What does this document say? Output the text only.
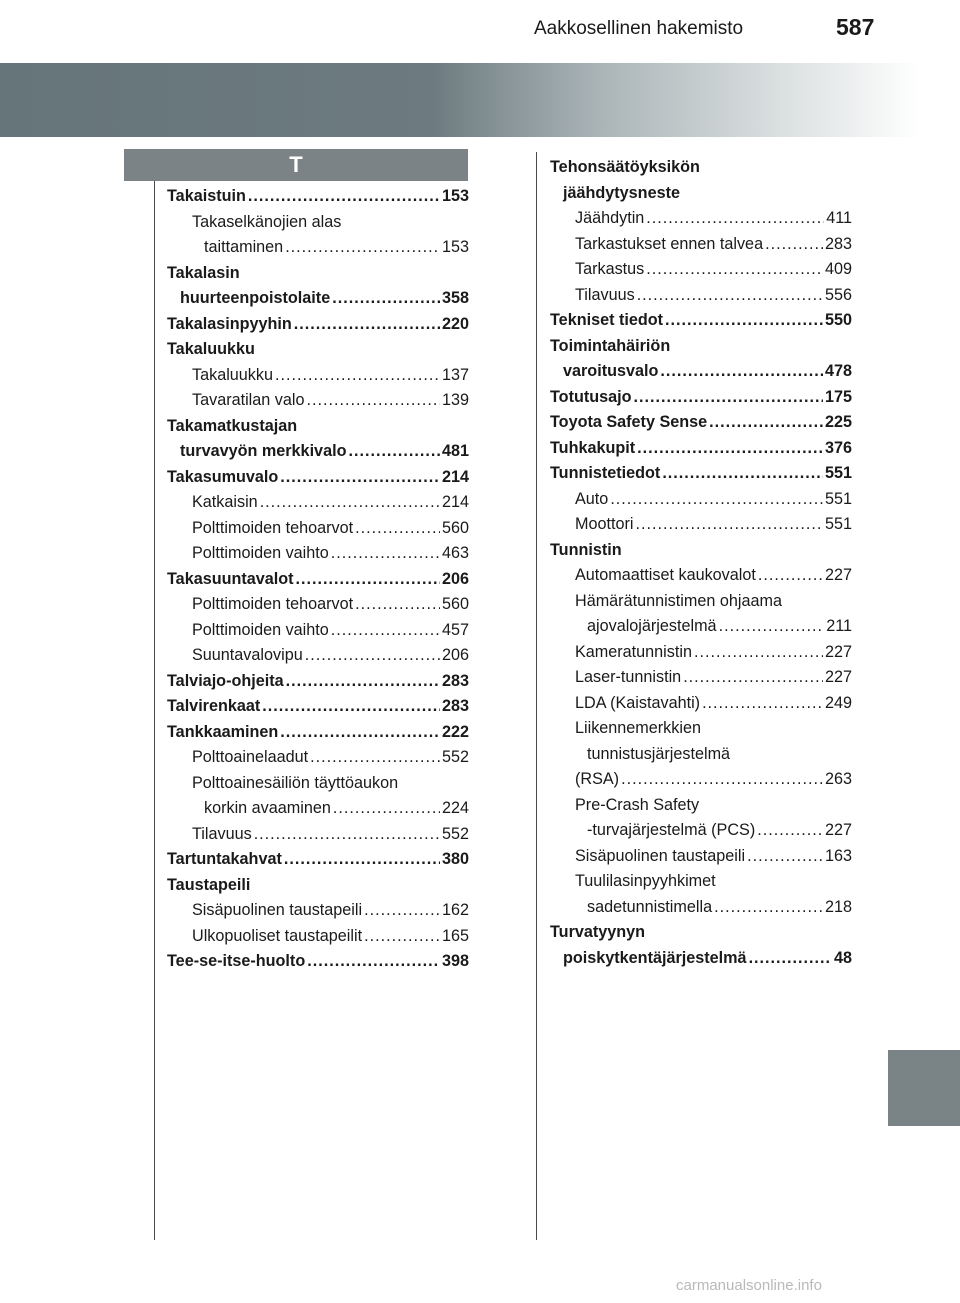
Aakkosellinen hakemisto	587
T
Takaistuin .....	153
Takaselkänojien alas
taittaminen .....	153
Takalasin
huurteenpoistolaite .....	358
Takalasinpyyhin .....	220
Takaluukku
Takaluukku .....	137
Tavaratilan valo .....	139
Takamatkustajan
turvavyön merkkivalo .....	481
Takasumuvalo .....	214
Katkaisin .....	214
Polttimoiden tehoarvot .....	560
Polttimoiden vaihto .....	463
Takasuuntavalot .....	206
Polttimoiden tehoarvot .....	560
Polttimoiden vaihto .....	457
Suuntavalovipu .....	206
Talviajo-ohjeita .....	283
Talvirenkaat .....	283
Tankkaaminen .....	222
Polttoainelaadut .....	552
Polttoainesäiliön täyttöaukon
korkin avaaminen .....	224
Tilavuus .....	552
Tartuntakahvat .....	380
Taustapeili
Sisäpuolinen taustapeili .....	162
Ulkopuoliset taustapeilit .....	165
Tee-se-itse-huolto .....	398
Tehonsäätöyksikön
jäähdytysneste
Jäähdytin .....	411
Tarkastukset ennen talvea .....	283
Tarkastus .....	409
Tilavuus .....	556
Tekniset tiedot .....	550
Toimintahäiriön
varoitusvalo .....	478
Totutusajo .....	175
Toyota Safety Sense .....	225
Tuhkakupit .....	376
Tunnistetiedot .....	551
Auto .....	551
Moottori .....	551
Tunnistin
Automaattiset kaukovalot .....	227
Hämärätunnistimen ohjaama
ajovalojärjestelmä .....	211
Kameratunnistin .....	227
Laser-tunnistin .....	227
LDA (Kaistavahti) .....	249
Liikennemerkkien
tunnistusjärjestelmä
(RSA) .....	263
Pre-Crash Safety
-turvajärjestelmä (PCS) .....	227
Sisäpuolinen taustapeili .....	163
Tuulilasinpyyhkimet
sadetunnistimella .....	218
Turvatyynyn
poiskytkentäjärjestelmä .....	48
carmanualsonline.info
